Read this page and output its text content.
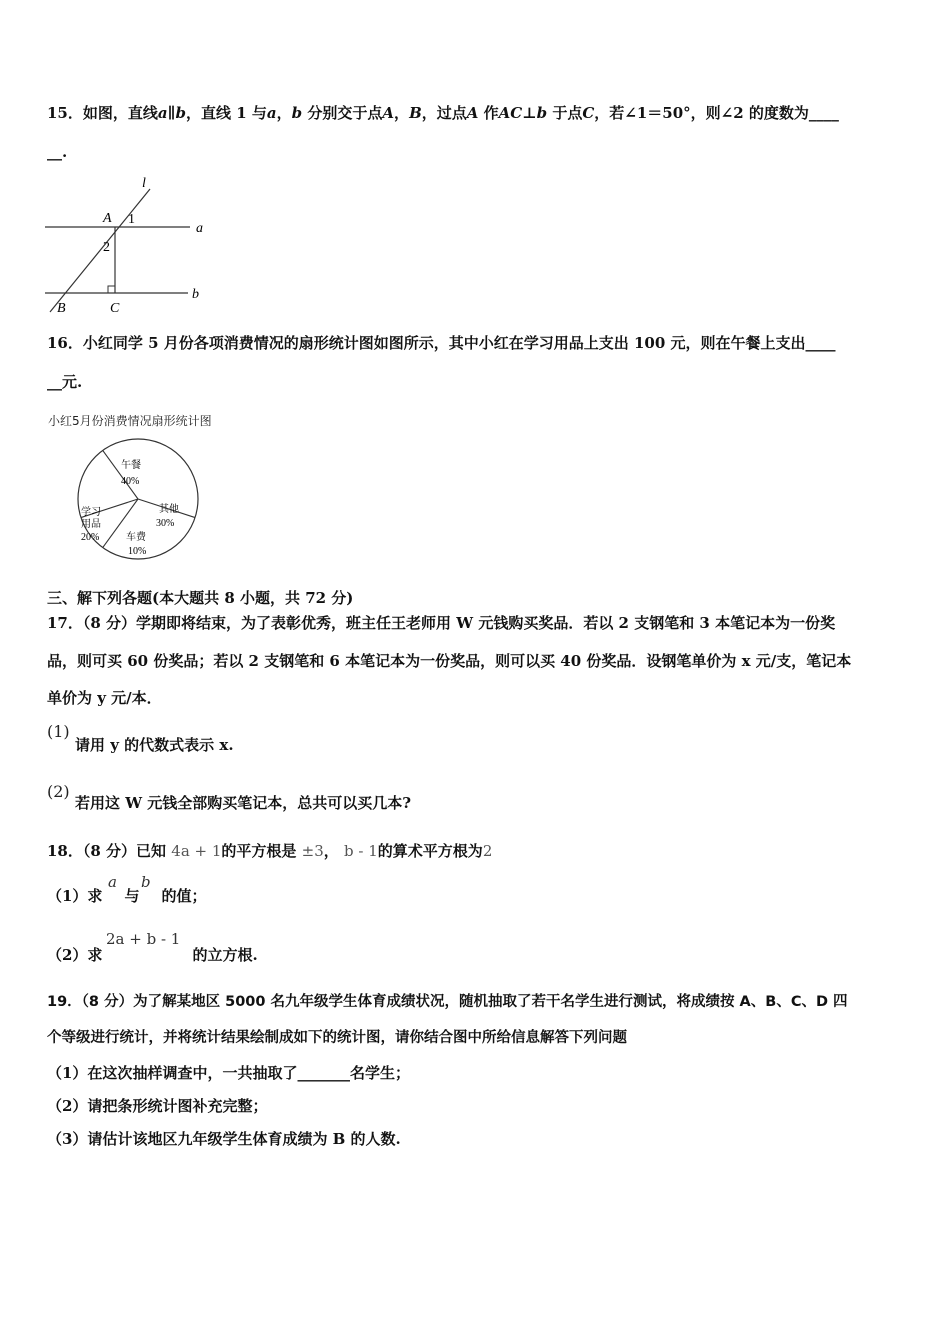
15．如图，直线a∥b，直线 1 与a，b 分别交于点A，B，过点A 作AC⊥b 于点C，若∠1＝50°，则∠2 的度数为____
__.
l
A 1
2
a
B	C
b
16．小红同学 5 月份各项消费情况的扇形统计图如图所示，其中小红在学习用品上支出 100 元，则在午餐上支出____
__元.
小红5月份消费情况扇形统计图
午餐
40%
其他
30%
车费
10%
学习
用品
20%
三、解下列各题(本大题共 8 小题，共 72 分)
17．（8 分）学期即将结束，为了表彰优秀，班主任王老师用 W 元钱购买奖品．若以 2 支钢笔和 3 本笔记本为一份奖
品，则可买 60 份奖品；若以 2 支钢笔和 6 本笔记本为一份奖品，则可以买 40 份奖品．设钢笔单价为 x 元/支，笔记本
单价为 y 元/本．
(1)
请用 y 的代数式表示 x.
(2)
若用这 W 元钱全部购买笔记本，总共可以买几本?
18．（8 分）已知 4a + 1的平方根是 ±3， b - 1的算术平方根为2
（1）求 与 的值；
a b
（2）求	的立方根.
2a + b - 1
19．（8 分）为了解某地区 5000 名九年级学生体育成绩状况，随机抽取了若干名学生进行测试，将成绩按 A、B、C、D 四
个等级进行统计，并将统计结果绘制成如下的统计图，请你结合图中所给信息解答下列问题
（1）在这次抽样调查中，一共抽取了_______名学生；
（2）请把条形统计图补充完整；
（3）请估计该地区九年级学生体育成绩为 B 的人数.
